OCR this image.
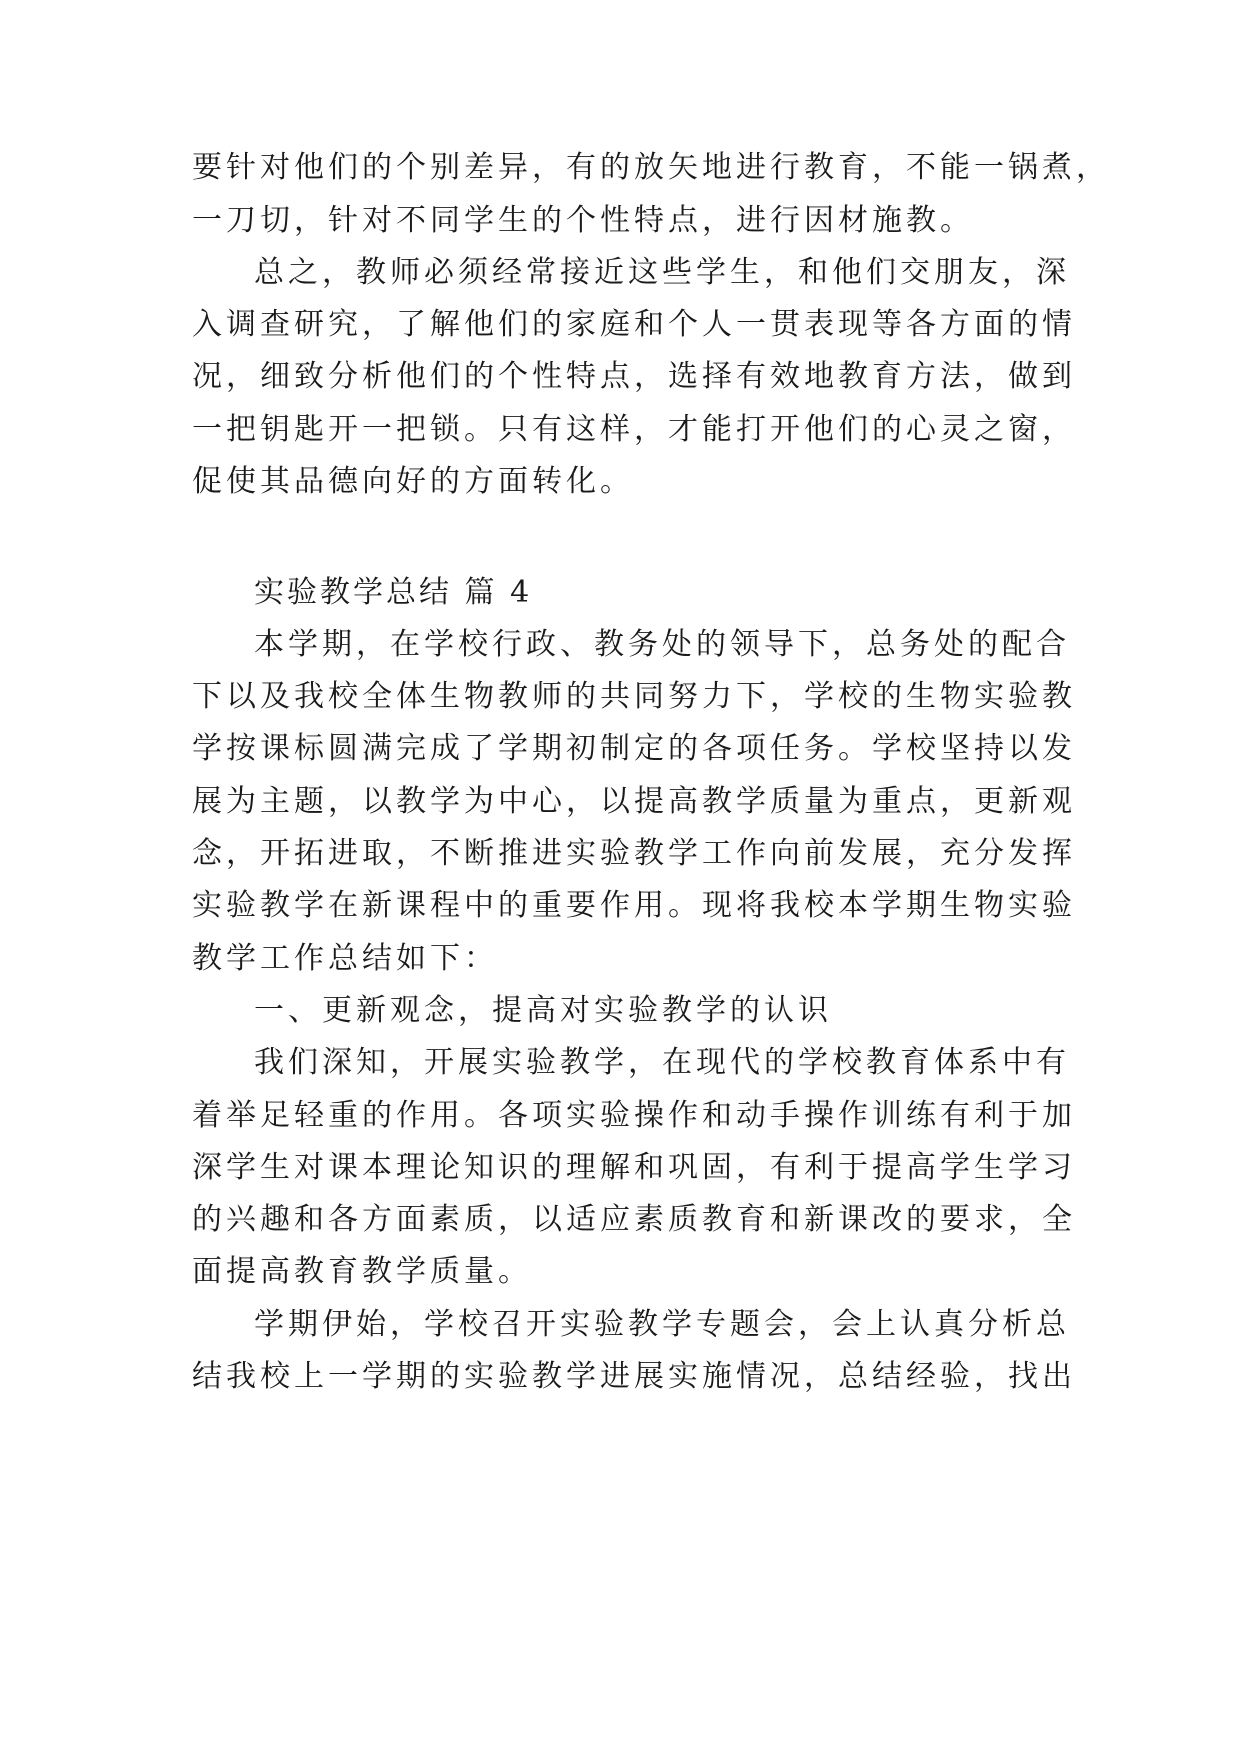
要针对他们的个别差异，有的放矢地进行教育，不能一锅煮，
一刀切，针对不同学生的个性特点，进行因材施教。
总之，教师必须经常接近这些学生，和他们交朋友，深
入调查研究，了解他们的家庭和个人一贯表现等各方面的情
况，细致分析他们的个性特点，选择有效地教育方法，做到
一把钥匙开一把锁。只有这样，才能打开他们的心灵之窗，
促使其品德向好的方面转化。
实验教学总结 篇 4
本学期，在学校行政、教务处的领导下，总务处的配合
下以及我校全体生物教师的共同努力下，学校的生物实验教
学按课标圆满完成了学期初制定的各项任务。学校坚持以发
展为主题，以教学为中心，以提高教学质量为重点，更新观
念，开拓进取，不断推进实验教学工作向前发展，充分发挥
实验教学在新课程中的重要作用。现将我校本学期生物实验
教学工作总结如下：
一、更新观念，提高对实验教学的认识
我们深知，开展实验教学，在现代的学校教育体系中有
着举足轻重的作用。各项实验操作和动手操作训练有利于加
深学生对课本理论知识的理解和巩固，有利于提高学生学习
的兴趣和各方面素质，以适应素质教育和新课改的要求，全
面提高教育教学质量。
学期伊始，学校召开实验教学专题会，会上认真分析总
结我校上一学期的实验教学进展实施情况，总结经验，找出
